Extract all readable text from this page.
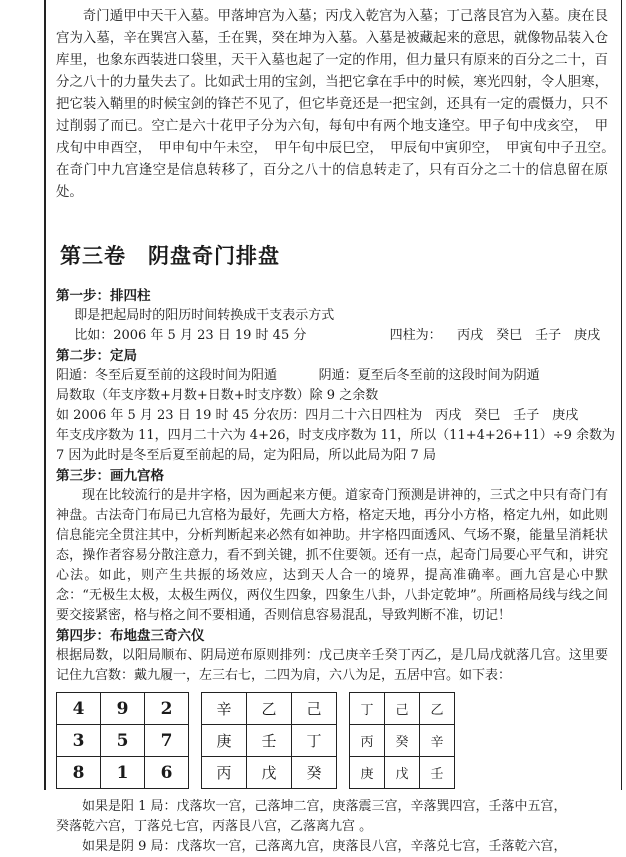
奇门遁甲中天干入墓。甲落坤宫为入墓；丙戊入乾宫为入墓；丁己落艮宫为入墓。庚在艮宫为入墓，辛在巽宫入墓，壬在巽，癸在坤为入墓。入墓是被藏起来的意思，就像物品装入仓库里，也象东西装进口袋里，天干入墓也起了一定的作用，但力量只有原来的百分之二十，百分之八十的力量失去了。比如武士用的宝剑，当把它拿在手中的时候，寒光四射，令人胆寒，把它装入鞘里的时候宝剑的锋芒不见了，但它毕竟还是一把宝剑，还具有一定的震慑力，只不过削弱了而已。空亡是六十花甲子分为六旬，每旬中有两个地支逢空。甲子旬中戌亥空，　甲戌旬中申酉空，　甲申旬中午未空，　甲午旬中辰巳空，　甲辰旬中寅卯空，　甲寅旬中子丑空。　在奇门中九宫逢空是信息转移了，百分之八十的信息转走了，只有百分之二十的信息留在原处。

第三卷　阴盘奇门排盘

第一步：排四柱

即是把起局时的阳历时间转换成干支表示方式

比如：2006 年 5 月 23 日 19 时 45 分	四柱为： 丙戌　癸巳　壬子　庚戌

第二步：定局

阳遁：冬至后夏至前的这段时间为阳遁	阴遁：夏至后冬至前的这段时间为阴遁

局数取（年支序数+月数+日数+时支序数）除 9 之余数

如 2006 年 5 月 23 日 19 时 45 分农历：四月二十六日四柱为　丙戌　癸巳　壬子　庚戌

年支戌序数为 11，四月二十六为 4+26，时支戌序数为 11，所以（11+4+26+11）÷9 余数为

7 因为此时是冬至后夏至前起的局，定为阳局，所以此局为阳 7 局

第三步：画九宫格

现在比较流行的是井字格，因为画起来方便。道家奇门预测是讲神的，三式之中只有奇门有神盘。古法奇门布局已九宫格为最好，先画大方格，格定天地，再分小方格，格定九州，如此则信息能完全贯注其中，分析判断起来必然有如神助。井字格四面透风、气场不聚，能量呈消耗状态，操作者容易分散注意力，看不到关键，抓不住要领。还有一点，起奇门局要心平气和，讲究心法。如此，则产生共振的场效应，达到天人合一的境界，提高准确率。画九宫是心中默念：“无极生太极，太极生两仪，两仪生四象，四象生八卦，八卦定乾坤”。所画格局线与线之间要交接紧密，格与格之间不要相通，否则信息容易混乱，导致判断不准，切记！

第四步：布地盘三奇六仪

根据局数，以阳局顺布、阴局逆布原则排列：戊己庚辛壬癸丁丙乙，是几局戊就落几宫。这里要记住九宫数：戴九履一，左三右七，二四为肩，六八为足，五居中宫。如下表：

4	9	2
3	5	7
8	1	6
辛	乙	己
庚	壬	丁
丙	戊	癸
丁	己	乙
丙	癸	辛
庚	戊	壬

如果是阳 1 局：戊落坎一宫，己落坤二宫，庚落震三宫，辛落巽四宫，壬落中五宫，

癸落乾六宫，丁落兑七宫，丙落艮八宫，乙落离九宫 。

如果是阴 9 局：戊落坎一宫，己落离九宫，庚落艮八宫，辛落兑七宫，壬落乾六宫，
